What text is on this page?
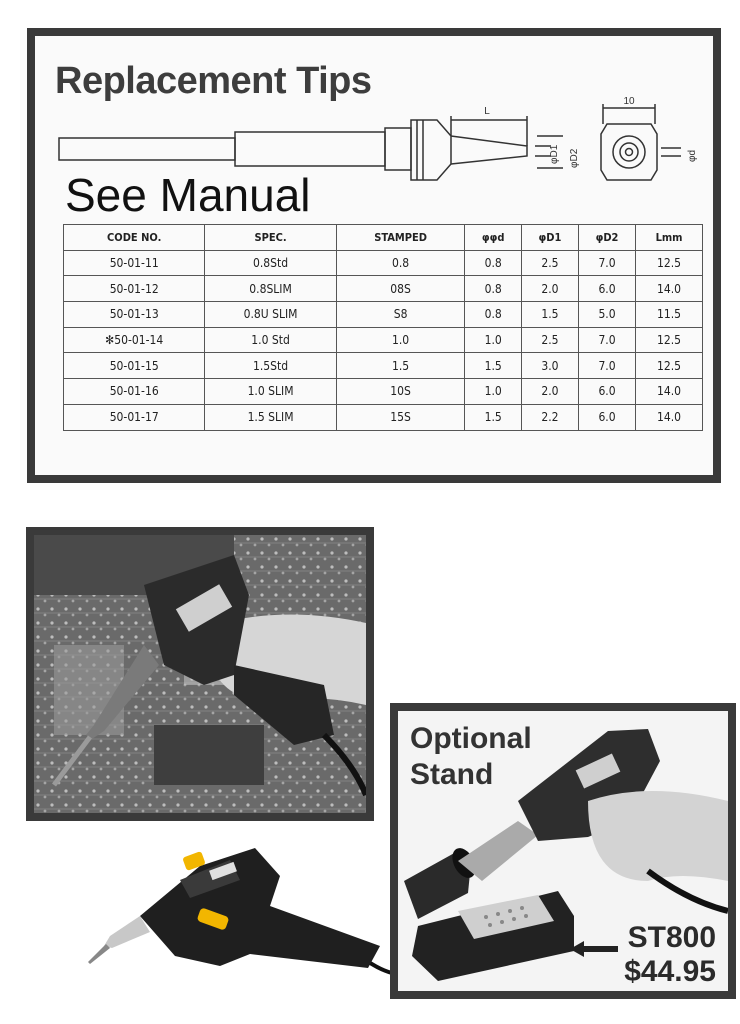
Replacement Tips
L
φD1 φD2
10
φd
See Manual
CODE NO.	SPEC.	STAMPED	φφd	φD1	φD2	Lmm
50-01-11	0.8Std	0.8	0.8	2.5	7.0	12.5
50-01-12	0.8SLIM	08S	0.8	2.0	6.0	14.0
50-01-13	0.8U SLIM	S8	0.8	1.5	5.0	11.5
✻50-01-14	1.0 Std	1.0	1.0	2.5	7.0	12.5
50-01-15	1.5Std	1.5	1.5	3.0	7.0	12.5
50-01-16	1.0 SLIM	10S	1.0	2.0	6.0	14.0
50-01-17	1.5 SLIM	15S	1.5	2.2	6.0	14.0
Optional
Stand
ST800
$44.95
